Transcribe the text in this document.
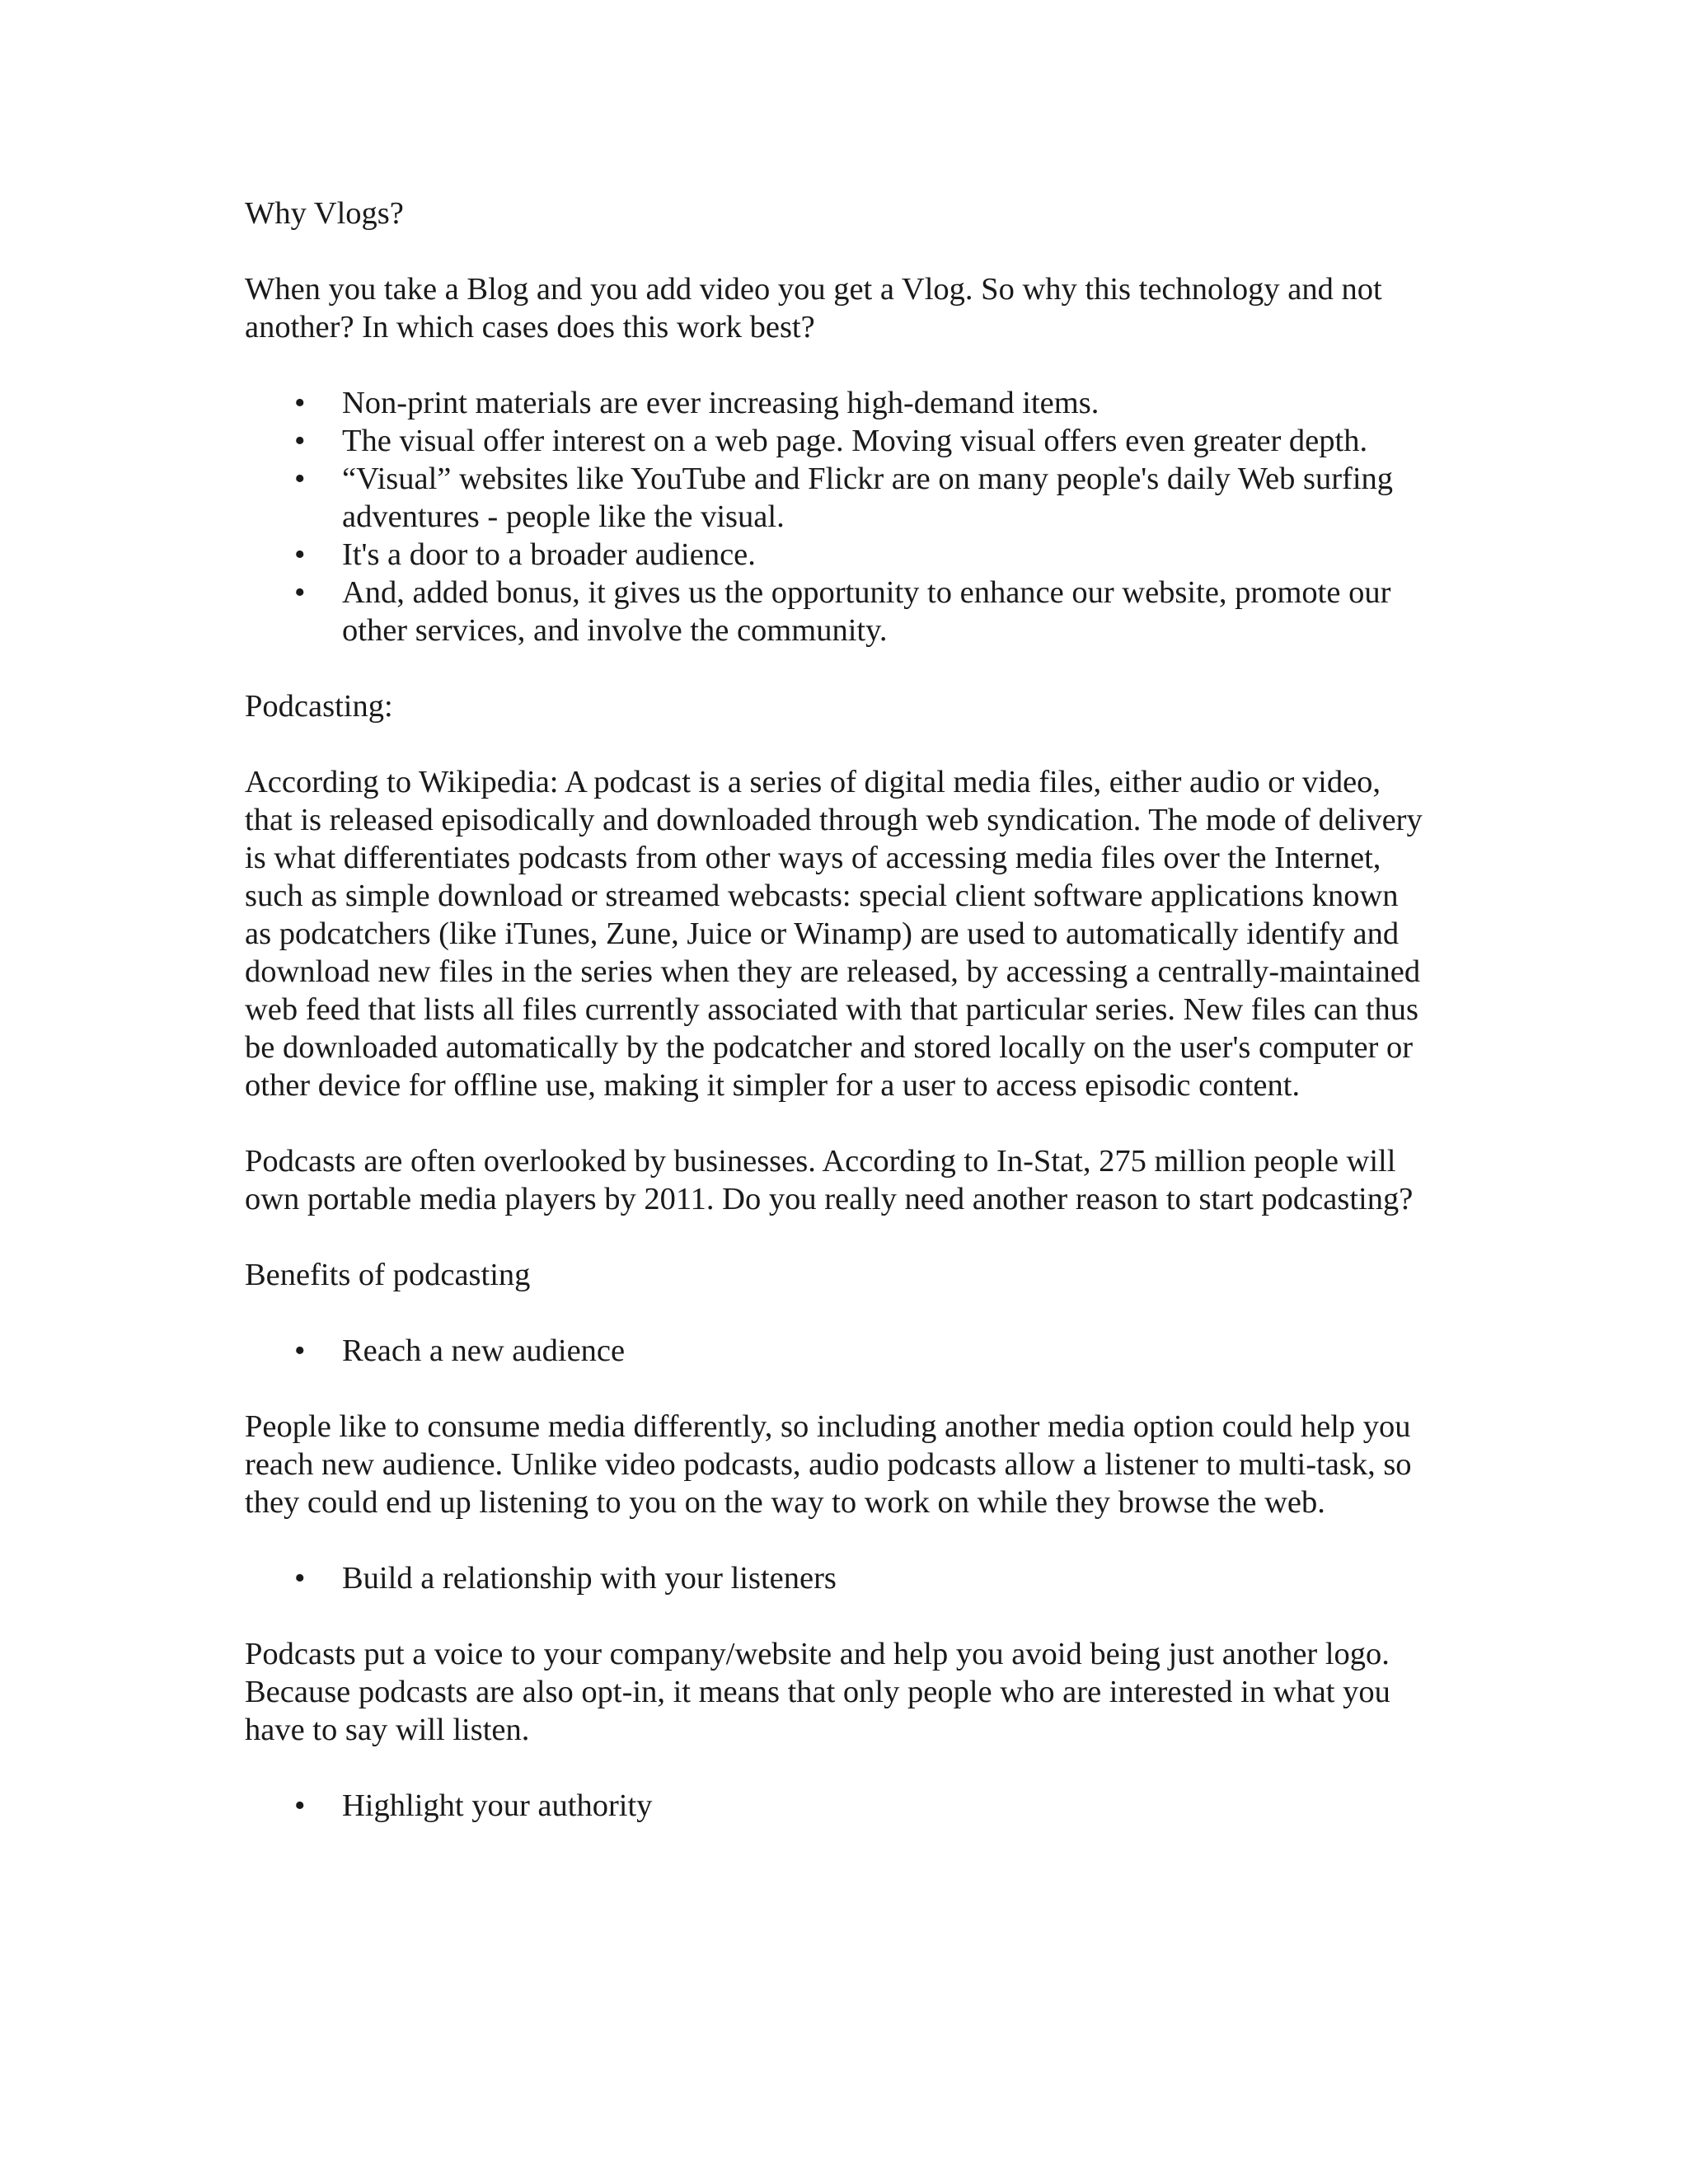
Why Vlogs?

When you take a Blog and you add video you get a Vlog. So why this technology and not another? In which cases does this work best?

• Non-print materials are ever increasing high-demand items.
• The visual offer interest on a web page. Moving visual offers even greater depth.
• “Visual” websites like YouTube and Flickr are on many people's daily Web surfing adventures - people like the visual.
• It's a door to a broader audience.
• And, added bonus, it gives us the opportunity to enhance our website, promote our other services, and involve the community.

Podcasting:

According to Wikipedia: A podcast is a series of digital media files, either audio or video, that is released episodically and downloaded through web syndication. The mode of delivery is what differentiates podcasts from other ways of accessing media files over the Internet, such as simple download or streamed webcasts: special client software applications known as podcatchers (like iTunes, Zune, Juice or Winamp) are used to automatically identify and download new files in the series when they are released, by accessing a centrally-maintained web feed that lists all files currently associated with that particular series. New files can thus be downloaded automatically by the podcatcher and stored locally on the user's computer or other device for offline use, making it simpler for a user to access episodic content.

Podcasts are often overlooked by businesses. According to In-Stat, 275 million people will own portable media players by 2011. Do you really need another reason to start podcasting?

Benefits of podcasting

• Reach a new audience

People like to consume media differently, so including another media option could help you reach new audience. Unlike video podcasts, audio podcasts allow a listener to multi-task, so they could end up listening to you on the way to work on while they browse the web.

• Build a relationship with your listeners

Podcasts put a voice to your company/website and help you avoid being just another logo. Because podcasts are also opt-in, it means that only people who are interested in what you have to say will listen.

• Highlight your authority
